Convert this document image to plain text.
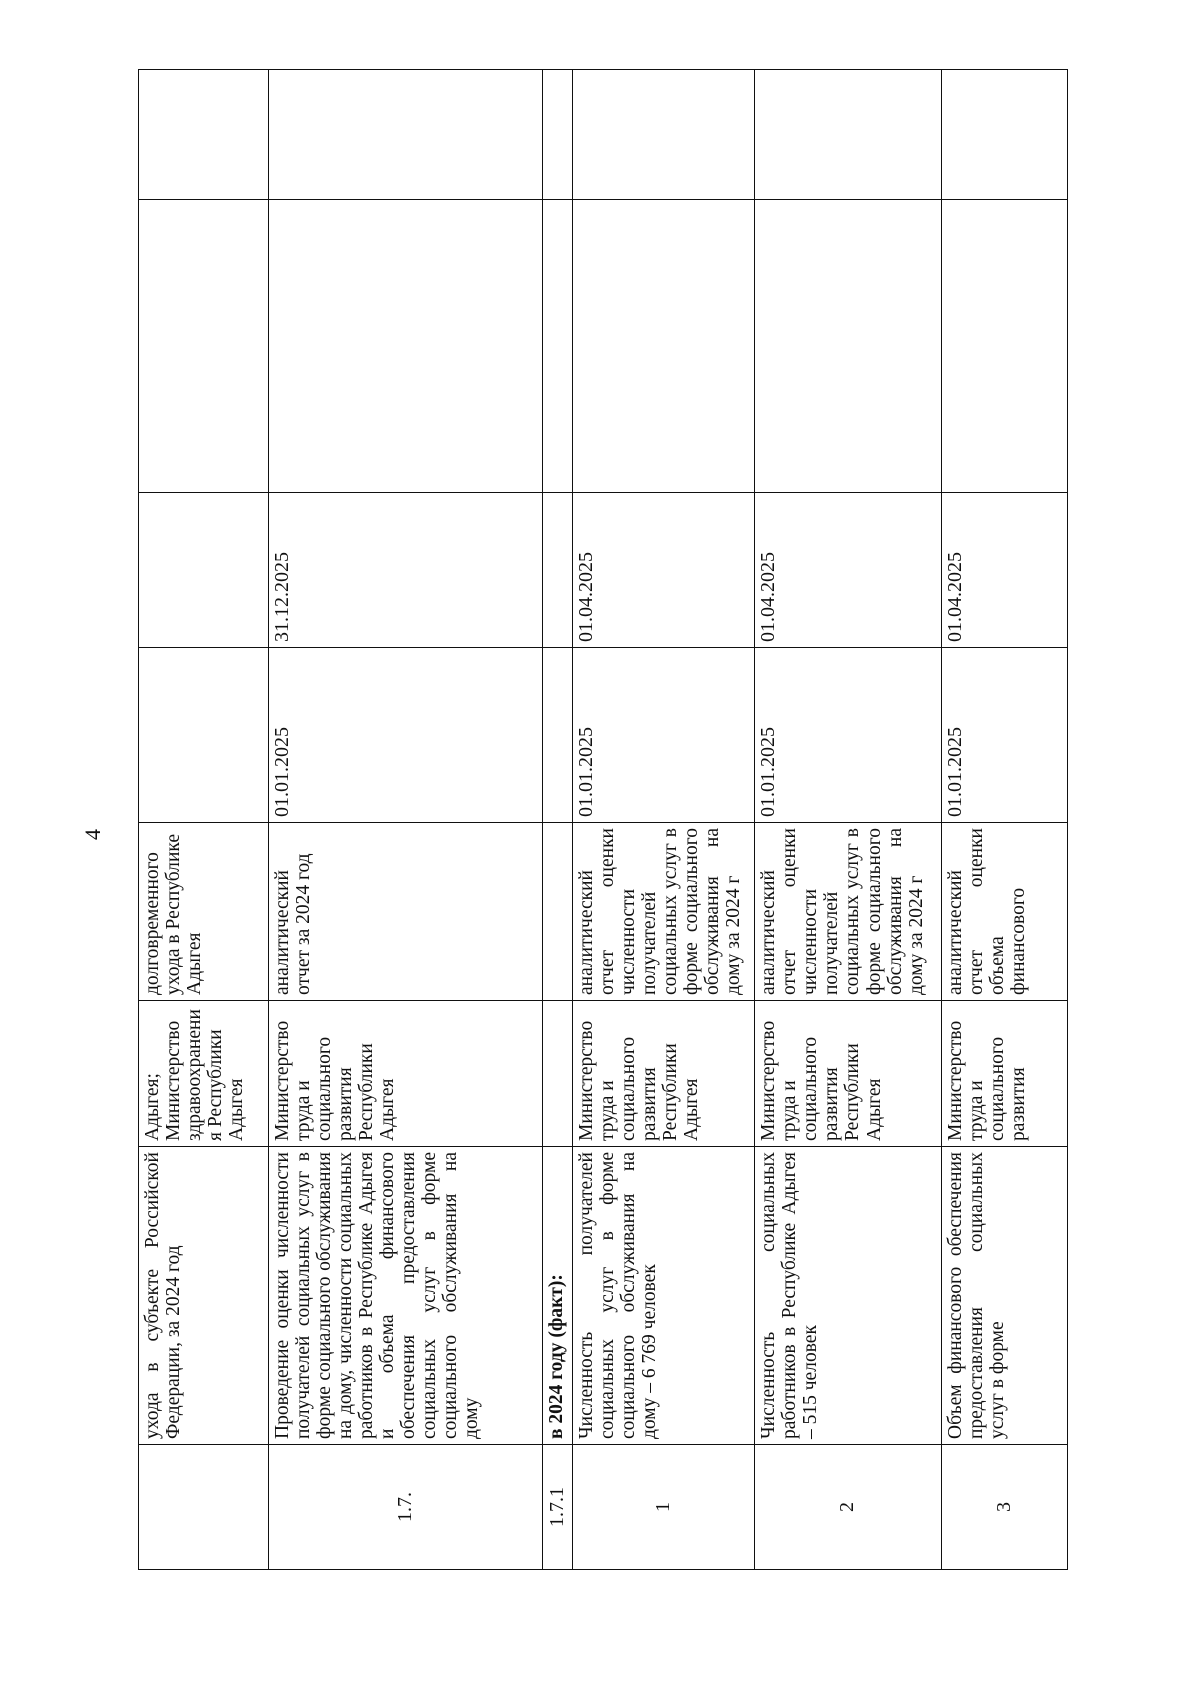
4
	ухода в субъекте Российской Федерации, за 2024 год	Адыгея; Министерство здравоохранения Республики Адыгея	долговременного ухода в Республике Адыгея				
1.7.	Проведение оценки численности получателей социальных услуг в форме социального обслуживания на дому, численности социальных работников в Республике Адыгея и объема финансового обеспечения предоставления социальных услуг в форме социального обслуживания на дому	Министерство труда и социального развития Республики Адыгея	аналитический отчет за 2024 год	01.01.2025	31.12.2025		
1.7.1	в 2024 году (факт):						
1	Численность получателей социальных услуг в форме социального обслуживания на дому – 6 769 человек	Министерство труда и социального развития Республики Адыгея	аналитический отчет оценки численности получателей социальных услуг в форме социального обслуживания на дому за 2024 г	01.01.2025	01.04.2025		
2	Численность социальных работников в Республике Адыгея – 515 человек	Министерство труда и социального развития Республики Адыгея	аналитический отчет оценки численности получателей социальных услуг в форме социального обслуживания на дому за 2024 г	01.01.2025	01.04.2025		
3	Объем финансового обеспечения предоставления социальных услуг в форме	Министерство труда и социального развития	аналитический отчет оценки объема финансового	01.01.2025	01.04.2025		
